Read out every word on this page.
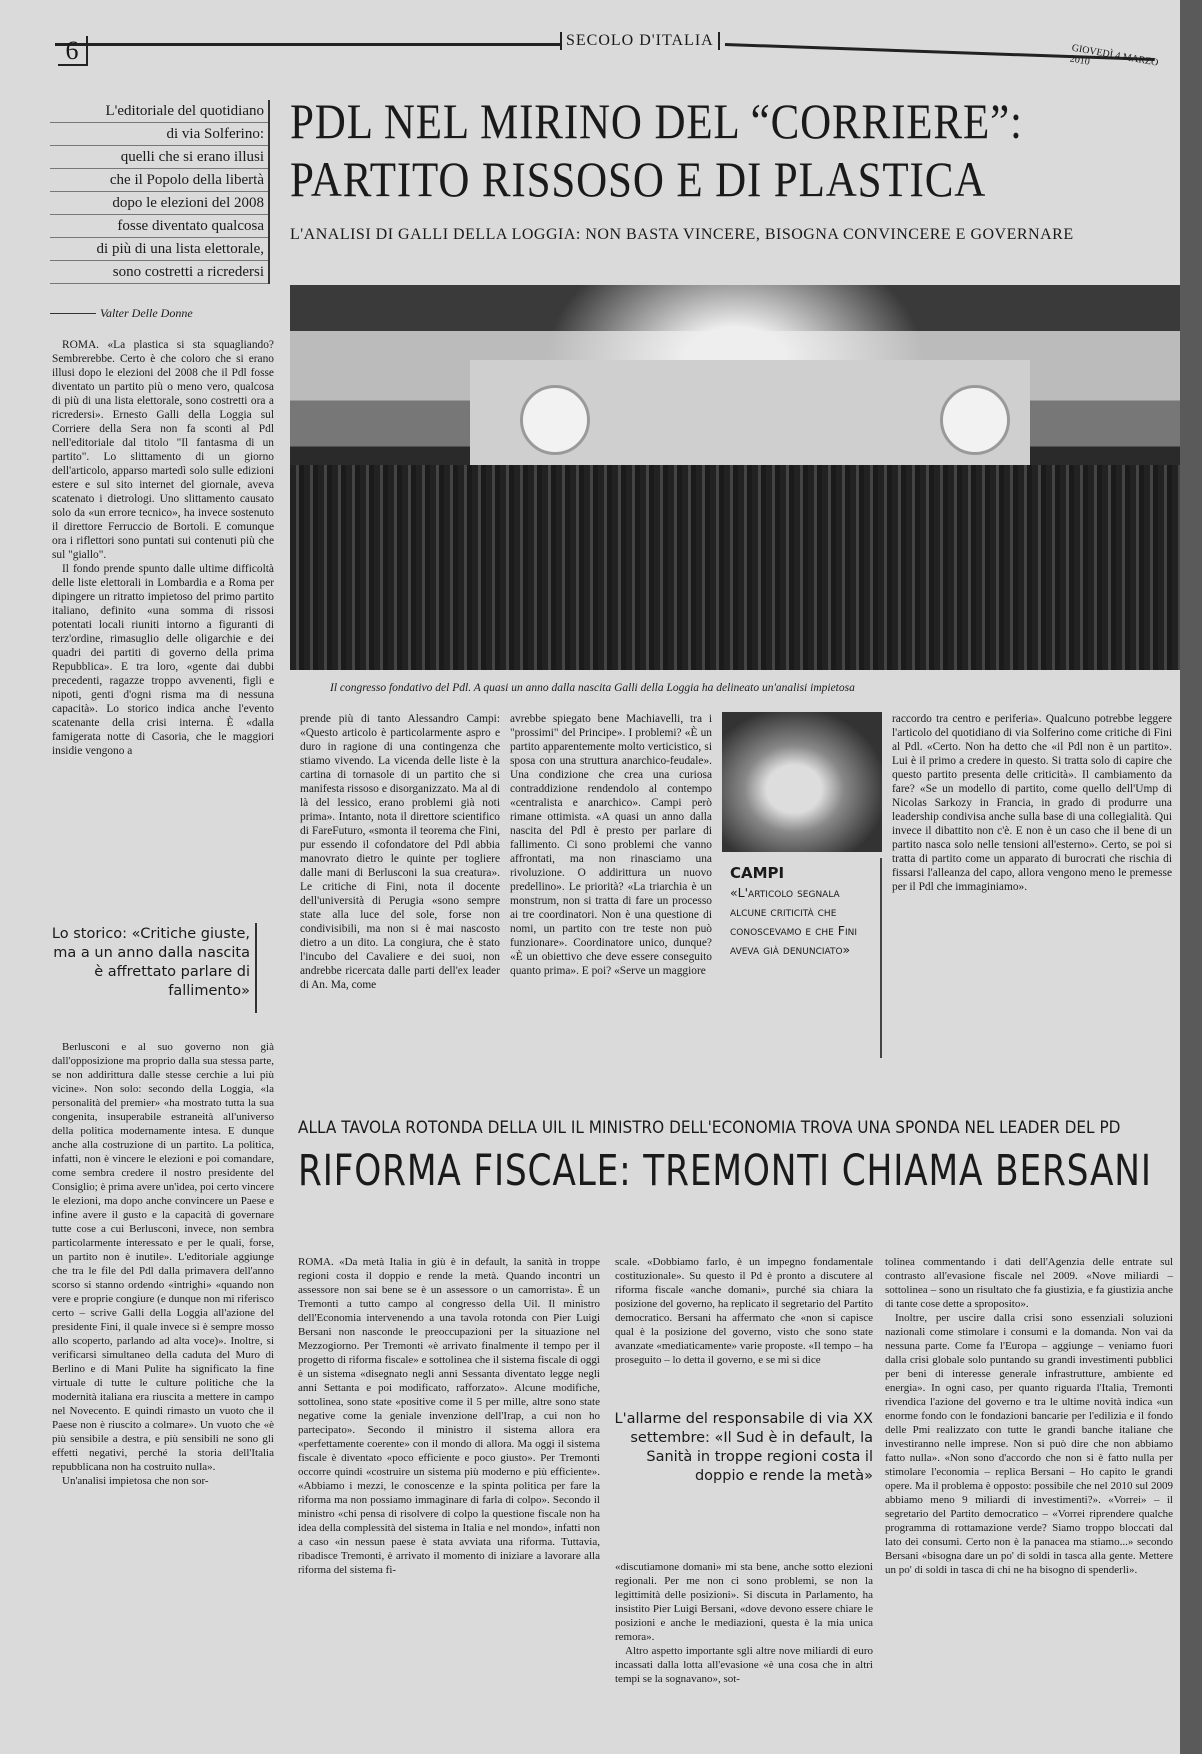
6	SECOLO D'ITALIA
GIOVEDÌ 4 MARZO 2010
L'editoriale del quotidiano
di via Solferino:
quelli che si erano illusi
che il Popolo della libertà
dopo le elezioni del 2008
fosse diventato qualcosa
di più di una lista elettorale,
sono costretti a ricredersi
PDL NEL MIRINO DEL “CORRIERE”:
PARTITO RISSOSO E DI PLASTICA
L'ANALISI DI GALLI DELLA LOGGIA: NON BASTA VINCERE, BISOGNA CONVINCERE E GOVERNARE
Valter Delle Donne
Il congresso fondativo del Pdl. A quasi un anno dalla nascita Galli della Loggia ha delineato un'analisi impietosa

ROMA. «La plastica si sta squagliando? Sembrerebbe. Certo è che coloro che si erano illusi dopo le elezioni del 2008 che il Pdl fosse diventato un partito più o meno vero, qualcosa di più di una lista elettorale, sono costretti ora a ricredersi». Ernesto Galli della Loggia sul Corriere della Sera non fa sconti al Pdl nell'editoriale dal titolo "Il fantasma di un partito". Lo slittamento di un giorno dell'articolo, apparso martedì solo sulle edizioni estere e sul sito internet del giornale, aveva scatenato i dietrologi. Uno slittamento causato solo da «un errore tecnico», ha invece sostenuto il direttore Ferruccio de Bortoli. E comunque ora i riflettori sono puntati sui contenuti più che sul "giallo".

Il fondo prende spunto dalle ultime difficoltà delle liste elettorali in Lombardia e a Roma per dipingere un ritratto impietoso del primo partito italiano, definito «una somma di rissosi potentati locali riuniti intorno a figuranti di terz'ordine, rimasuglio delle oligarchie e dei quadri dei partiti di governo della prima Repubblica». E tra loro, «gente dai dubbi precedenti, ragazze troppo avvenenti, figli e nipoti, genti d'ogni risma ma di nessuna capacità». Lo storico indica anche l'evento scatenante della crisi interna. È «dalla famigerata notte di Casoria, che le maggiori insidie vengono a

Lo storico: «Critiche giuste, ma a un anno dalla nascita è affrettato parlare di fallimento»

Berlusconi e al suo governo non già dall'opposizione ma proprio dalla sua stessa parte, se non addirittura dalle stesse cerchie a lui più vicine». Non solo: secondo della Loggia, «la personalità del premier» «ha mostrato tutta la sua congenita, insuperabile estraneità all'universo della politica modernamente intesa. E dunque anche alla costruzione di un partito. La politica, infatti, non è vincere le elezioni e poi comandare, come sembra credere il nostro presidente del Consiglio; è prima avere un'idea, poi certo vincere le elezioni, ma dopo anche convincere un Paese e infine avere il gusto e la capacità di governare tutte cose a cui Berlusconi, invece, non sembra particolarmente interessato e per le quali, forse, un partito non è inutile». L'editoriale aggiunge che tra le file del Pdl dalla primavera dell'anno scorso si stanno ordendo «intrighi» «quando non vere e proprie congiure (e dunque non mi riferisco certo – scrive Galli della Loggia all'azione del presidente Fini, il quale invece si è sempre mosso allo scoperto, parlando ad alta voce)». Inoltre, si verificarsi simultaneo della caduta del Muro di Berlino e di Mani Pulite ha significato la fine virtuale di tutte le culture politiche che la modernità italiana era riuscita a mettere in campo nel Novecento. E quindi rimasto un vuoto che il Paese non è riuscito a colmare». Un vuoto che «è più sensibile a destra, e più sensibili ne sono gli effetti negativi, perché la storia dell'Italia repubblicana non ha costruito nulla».

Un'analisi impietosa che non sor-

prende più di tanto Alessandro Campi: «Questo articolo è particolarmente aspro e duro in ragione di una contingenza che stiamo vivendo. La vicenda delle liste è la cartina di tornasole di un partito che si manifesta rissoso e disorganizzato. Ma al di là del lessico, erano problemi già noti prima». Intanto, nota il direttore scientifico di FareFuturo, «smonta il teorema che Fini, pur essendo il cofondatore del Pdl abbia manovrato dietro le quinte per togliere dalle mani di Berlusconi la sua creatura». Le critiche di Fini, nota il docente dell'università di Perugia «sono sempre state alla luce del sole, forse non condivisibili, ma non si è mai nascosto dietro a un dito. La congiura, che è stato l'incubo del Cavaliere e dei suoi, non andrebbe ricercata dalle parti dell'ex leader di An. Ma, come

avrebbe spiegato bene Machiavelli, tra i "prossimi" del Principe». I problemi? «È un partito apparentemente molto verticistico, si sposa con una struttura anarchico-feudale». Una condizione che crea una curiosa contraddizione rendendolo al contempo «centralista e anarchico». Campi però rimane ottimista. «A quasi un anno dalla nascita del Pdl è presto per parlare di fallimento. Ci sono problemi che vanno affrontati, ma non rinasciamo una rivoluzione. O addirittura un nuovo predellino». Le priorità? «La triarchia è un monstrum, non si tratta di fare un processo ai tre coordinatori. Non è una questione di nomi, un partito con tre teste non può funzionare». Coordinatore unico, dunque? «È un obiettivo che deve essere conseguito quanto prima». E poi? «Serve un maggiore

CAMPI
«L'articolo segnala alcune criticità che conoscevamo e che Fini aveva già denunciato»

raccordo tra centro e periferia». Qualcuno potrebbe leggere l'articolo del quotidiano di via Solferino come critiche di Fini al Pdl. «Certo. Non ha detto che «il Pdl non è un partito». Lui è il primo a credere in questo. Si tratta solo di capire che questo partito presenta delle criticità». Il cambiamento da fare? «Se un modello di partito, come quello dell'Ump di Nicolas Sarkozy in Francia, in grado di produrre una leadership condivisa anche sulla base di una collegialità. Qui invece il dibattito non c'è. E non è un caso che il bene di un partito nasca solo nelle tensioni all'esterno». Certo, se poi si tratta di partito come un apparato di burocrati che rischia di fissarsi l'alleanza del capo, allora vengono meno le premesse per il Pdl che immaginiamo».

ALLA TAVOLA ROTONDA DELLA UIL IL MINISTRO DELL'ECONOMIA TROVA UNA SPONDA NEL LEADER DEL PD
RIFORMA FISCALE: TREMONTI CHIAMA BERSANI

ROMA. «Da metà Italia in giù è in default, la sanità in troppe regioni costa il doppio e rende la metà. Quando incontri un assessore non sai bene se è un assessore o un camorrista». È un Tremonti a tutto campo al congresso della Uil. Il ministro dell'Economia intervenendo a una tavola rotonda con Pier Luigi Bersani non nasconde le preoccupazioni per la situazione nel Mezzogiorno. Per Tremonti «è arrivato finalmente il tempo per il progetto di riforma fiscale» e sottolinea che il sistema fiscale di oggi è un sistema «disegnato negli anni Sessanta diventato legge negli anni Settanta e poi modificato, rafforzato». Alcune modifiche, sottolinea, sono state «positive come il 5 per mille, altre sono state negative come la geniale invenzione dell'Irap, a cui non ho partecipato». Secondo il ministro il sistema allora era «perfettamente coerente» con il mondo di allora. Ma oggi il sistema fiscale è diventato «poco efficiente e poco giusto». Per Tremonti occorre quindi «costruire un sistema più moderno e più efficiente». «Abbiamo i mezzi, le conoscenze e la spinta politica per fare la riforma ma non possiamo immaginare di farla di colpo». Secondo il ministro «chi pensa di risolvere di colpo la questione fiscale non ha idea della complessità del sistema in Italia e nel mondo», infatti non a caso «in nessun paese è stata avviata una riforma. Tuttavia, ribadisce Tremonti, è arrivato il momento di iniziare a lavorare alla riforma del sistema fi-

scale. «Dobbiamo farlo, è un impegno fondamentale costituzionale». Su questo il Pd è pronto a discutere al riforma fiscale «anche domani», purché sia chiara la posizione del governo, ha replicato il segretario del Partito democratico. Bersani ha affermato che «non si capisce qual è la posizione del governo, visto che sono state avanzate «mediaticamente» varie proposte. «Il tempo – ha proseguito – lo detta il governo, e se mi si dice

L'allarme del responsabile di via XX settembre: «Il Sud è in default, la Sanità in troppe regioni costa il doppio e rende la metà»

«discutiamone domani» mi sta bene, anche sotto elezioni regionali. Per me non ci sono problemi, se non la legittimità delle posizioni». Si discuta in Parlamento, ha insistito Pier Luigi Bersani, «dove devono essere chiare le posizioni e anche le mediazioni, questa è la mia unica remora».

Altro aspetto importante sgli altre nove miliardi di euro incassati dalla lotta all'evasione «è una cosa che in altri tempi se la sognavano», sot-

tolinea commentando i dati dell'Agenzia delle entrate sul contrasto all'evasione fiscale nel 2009. «Nove miliardi – sottolinea – sono un risultato che fa giustizia, e fa giustizia anche di tante cose dette a sproposito».

Inoltre, per uscire dalla crisi sono essenziali soluzioni nazionali come stimolare i consumi e la domanda. Non vai da nessuna parte. Come fa l'Europa – aggiunge – veniamo fuori dalla crisi globale solo puntando su grandi investimenti pubblici per beni di interesse generale infrastrutture, ambiente ed energia». In ogni caso, per quanto riguarda l'Italia, Tremonti rivendica l'azione del governo e tra le ultime novità indica «un enorme fondo con le fondazioni bancarie per l'edilizia e il fondo delle Pmi realizzato con tutte le grandi banche italiane che investiranno nelle imprese. Non si può dire che non abbiamo fatto nulla». «Non sono d'accordo che non si è fatto nulla per stimolare l'economia – replica Bersani – Ho capito le grandi opere. Ma il problema è opposto: possibile che nel 2010 sul 2009 abbiamo meno 9 miliardi di investimenti?». «Vorrei» – il segretario del Partito democratico – «Vorrei riprendere qualche programma di rottamazione verde? Siamo troppo bloccati dal lato dei consumi. Certo non è la panacea ma stiamo...» secondo Bersani «bisogna dare un po' di soldi in tasca alla gente. Mettere un po' di soldi in tasca di chi ne ha bisogno di spenderli».
